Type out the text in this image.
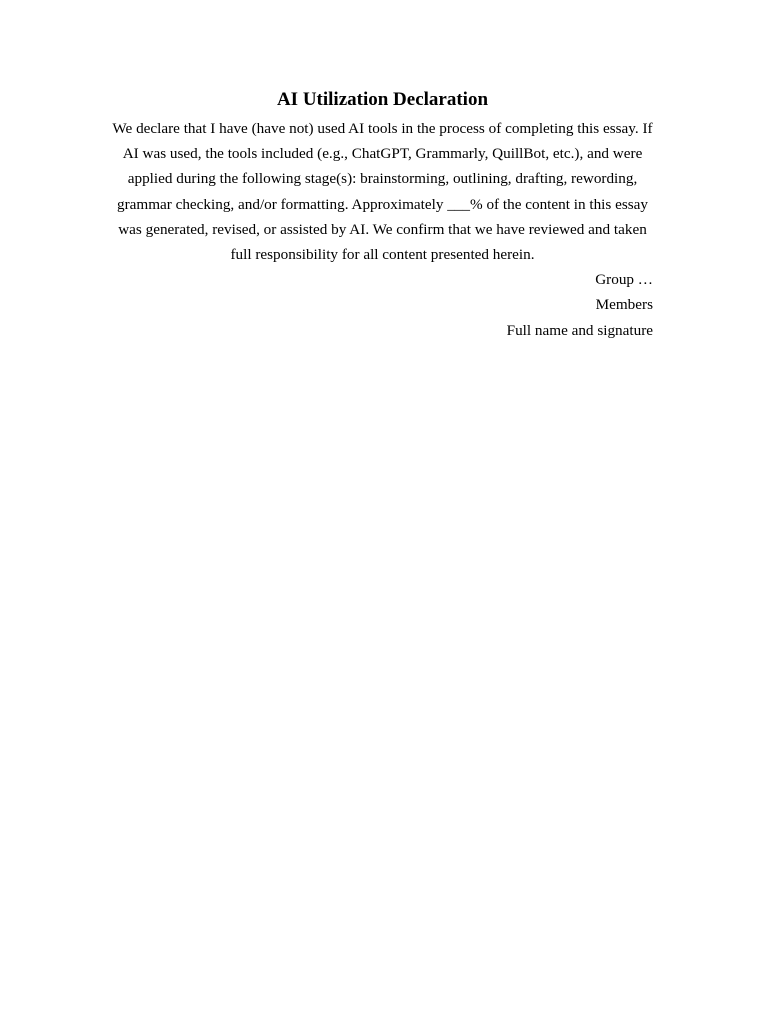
AI Utilization Declaration

We declare that I have (have not) used AI tools in the process of completing this essay. If AI was used, the tools included (e.g., ChatGPT, Grammarly, QuillBot, etc.), and were applied during the following stage(s): brainstorming, outlining, drafting, rewording, grammar checking, and/or formatting. Approximately ___% of the content in this essay was generated, revised, or assisted by AI. We confirm that we have reviewed and taken full responsibility for all content presented herein.

Group …
Members
Full name and signature
